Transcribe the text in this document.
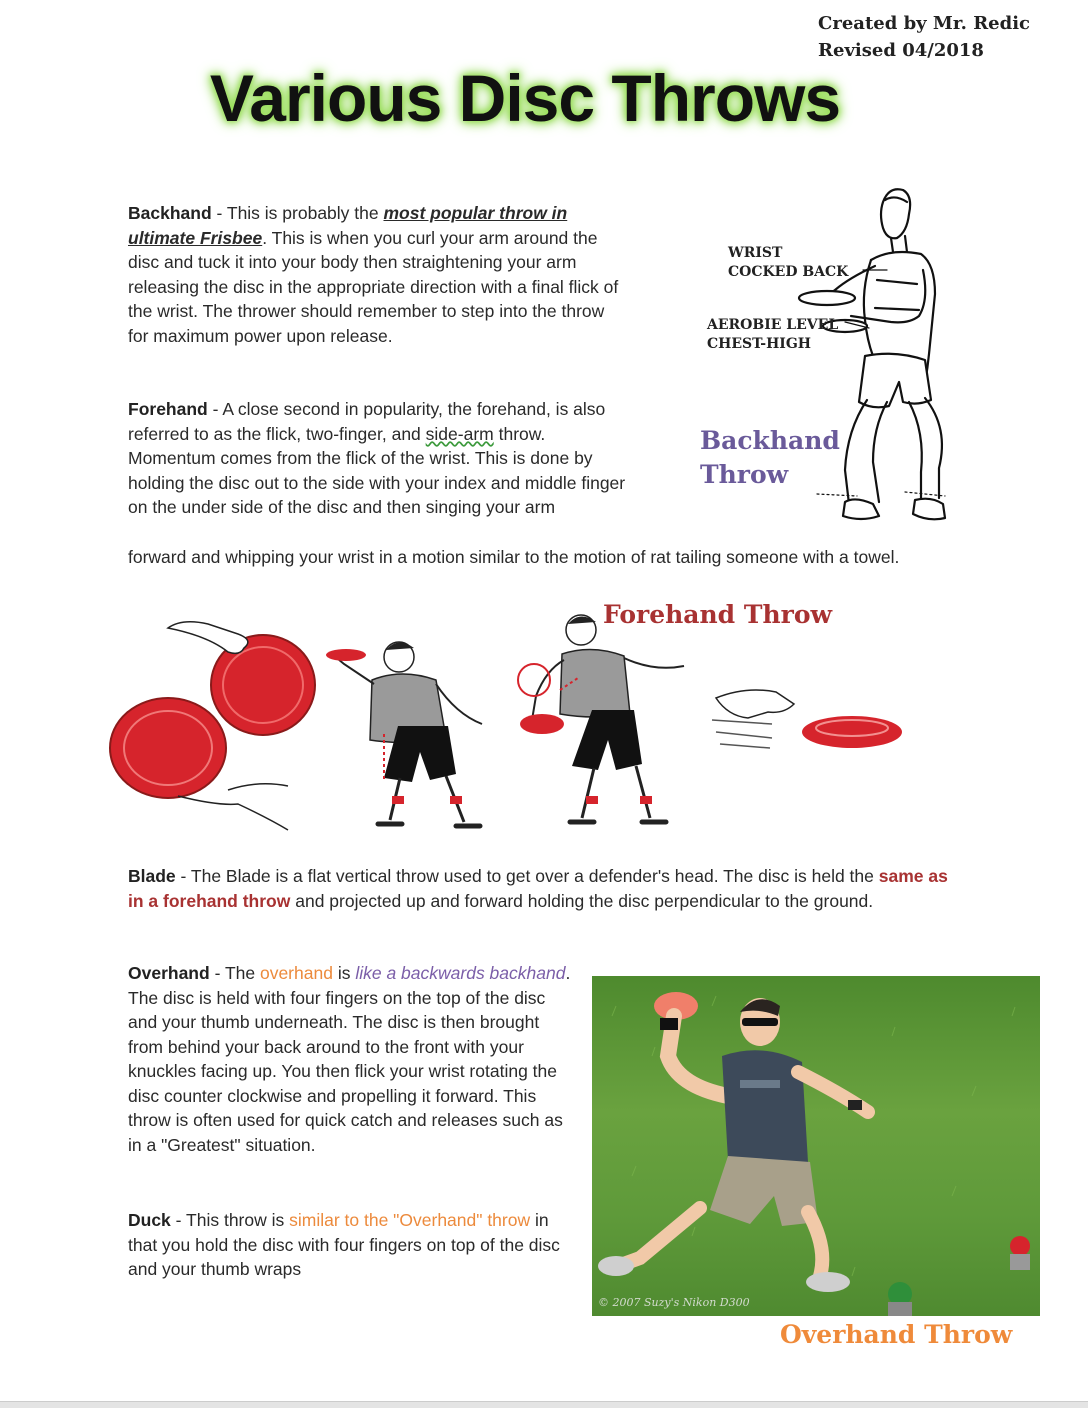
Created by Mr. Redic
Revised 04/2018
Various Disc Throws
Backhand - This is probably the most popular throw in ultimate Frisbee. This is when you curl your arm around the disc and tuck it into your body then straightening your arm releasing the disc in the appropriate direction with a final flick of the wrist. The thrower should remember to step into the throw for maximum power upon release.
WRIST
COCKED BACK
AEROBIE LEVEL
CHEST-HIGH
Backhand
Throw
Forehand - A close second in popularity, the forehand, is also referred to as the flick, two-finger, and side-arm throw. Momentum comes from the flick of the wrist. This is done by holding the disc out to the side with your index and middle finger on the under side of the disc and then singing your arm
forward and whipping your wrist in a motion similar to the motion of rat tailing someone with a towel.
Forehand Throw
Blade - The Blade is a flat vertical throw used to get over a defender's head. The disc is held the same as in a forehand throw and projected up and forward holding the disc perpendicular to the ground.
Overhand - The overhand is like a backwards backhand. The disc is held with four fingers on the top of the disc and your thumb underneath. The disc is then brought from behind your back around to the front with your knuckles facing up. You then flick your wrist rotating the disc counter clockwise and propelling it forward. This throw is often used for quick catch and releases such as in a "Greatest" situation.
Duck - This throw is similar to the "Overhand" throw in that you hold the disc with four fingers on top of the disc and your thumb wraps
© 2007 Suzy's Nikon D300
Overhand Throw
